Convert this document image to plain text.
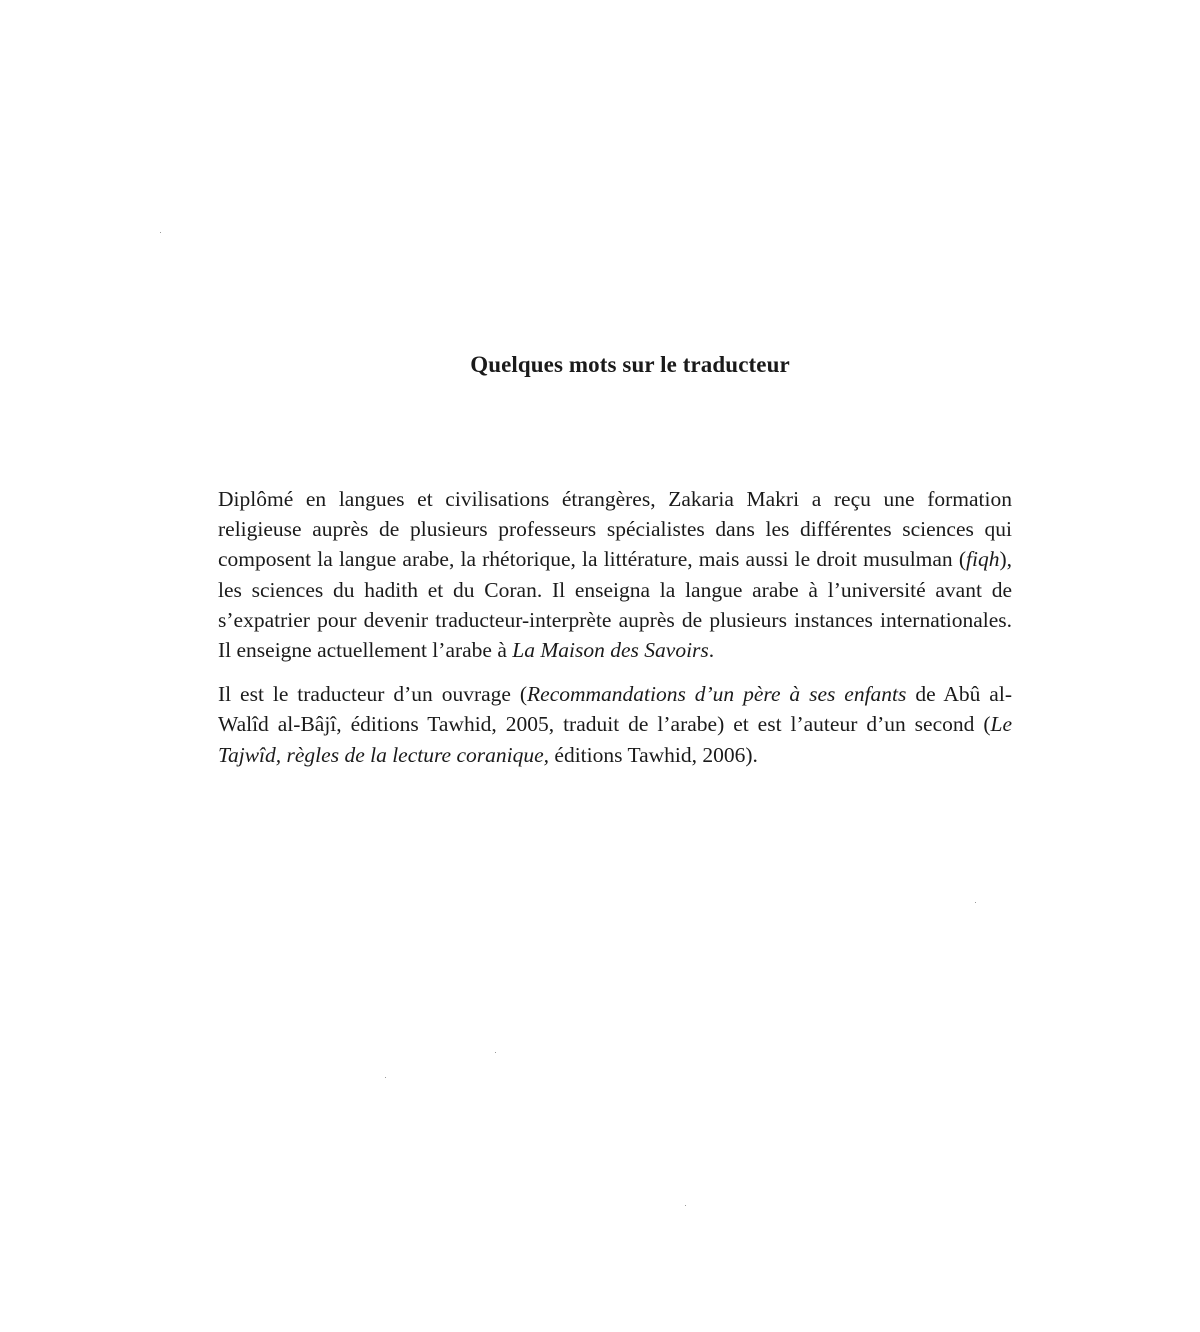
Quelques mots sur le traducteur

Diplômé en langues et civilisations étrangères, Zakaria Makri a reçu une formation religieuse auprès de plusieurs professeurs spécialistes dans les différentes sciences qui composent la langue arabe, la rhétorique, la littérature, mais aussi le droit musulman (fiqh), les sciences du hadith et du Coran. Il enseigna la langue arabe à l’université avant de s’expatrier pour devenir traducteur-interprète auprès de plusieurs instances internationales. Il enseigne actuellement l’arabe à La Maison des Savoirs.

Il est le traducteur d’un ouvrage (Recommandations d’un père à ses enfants de Abû al-Walîd al-Bâjî, éditions Tawhid, 2005, traduit de l’arabe) et est l’auteur d’un second (Le Tajwîd, règles de la lecture coranique, éditions Tawhid, 2006).
